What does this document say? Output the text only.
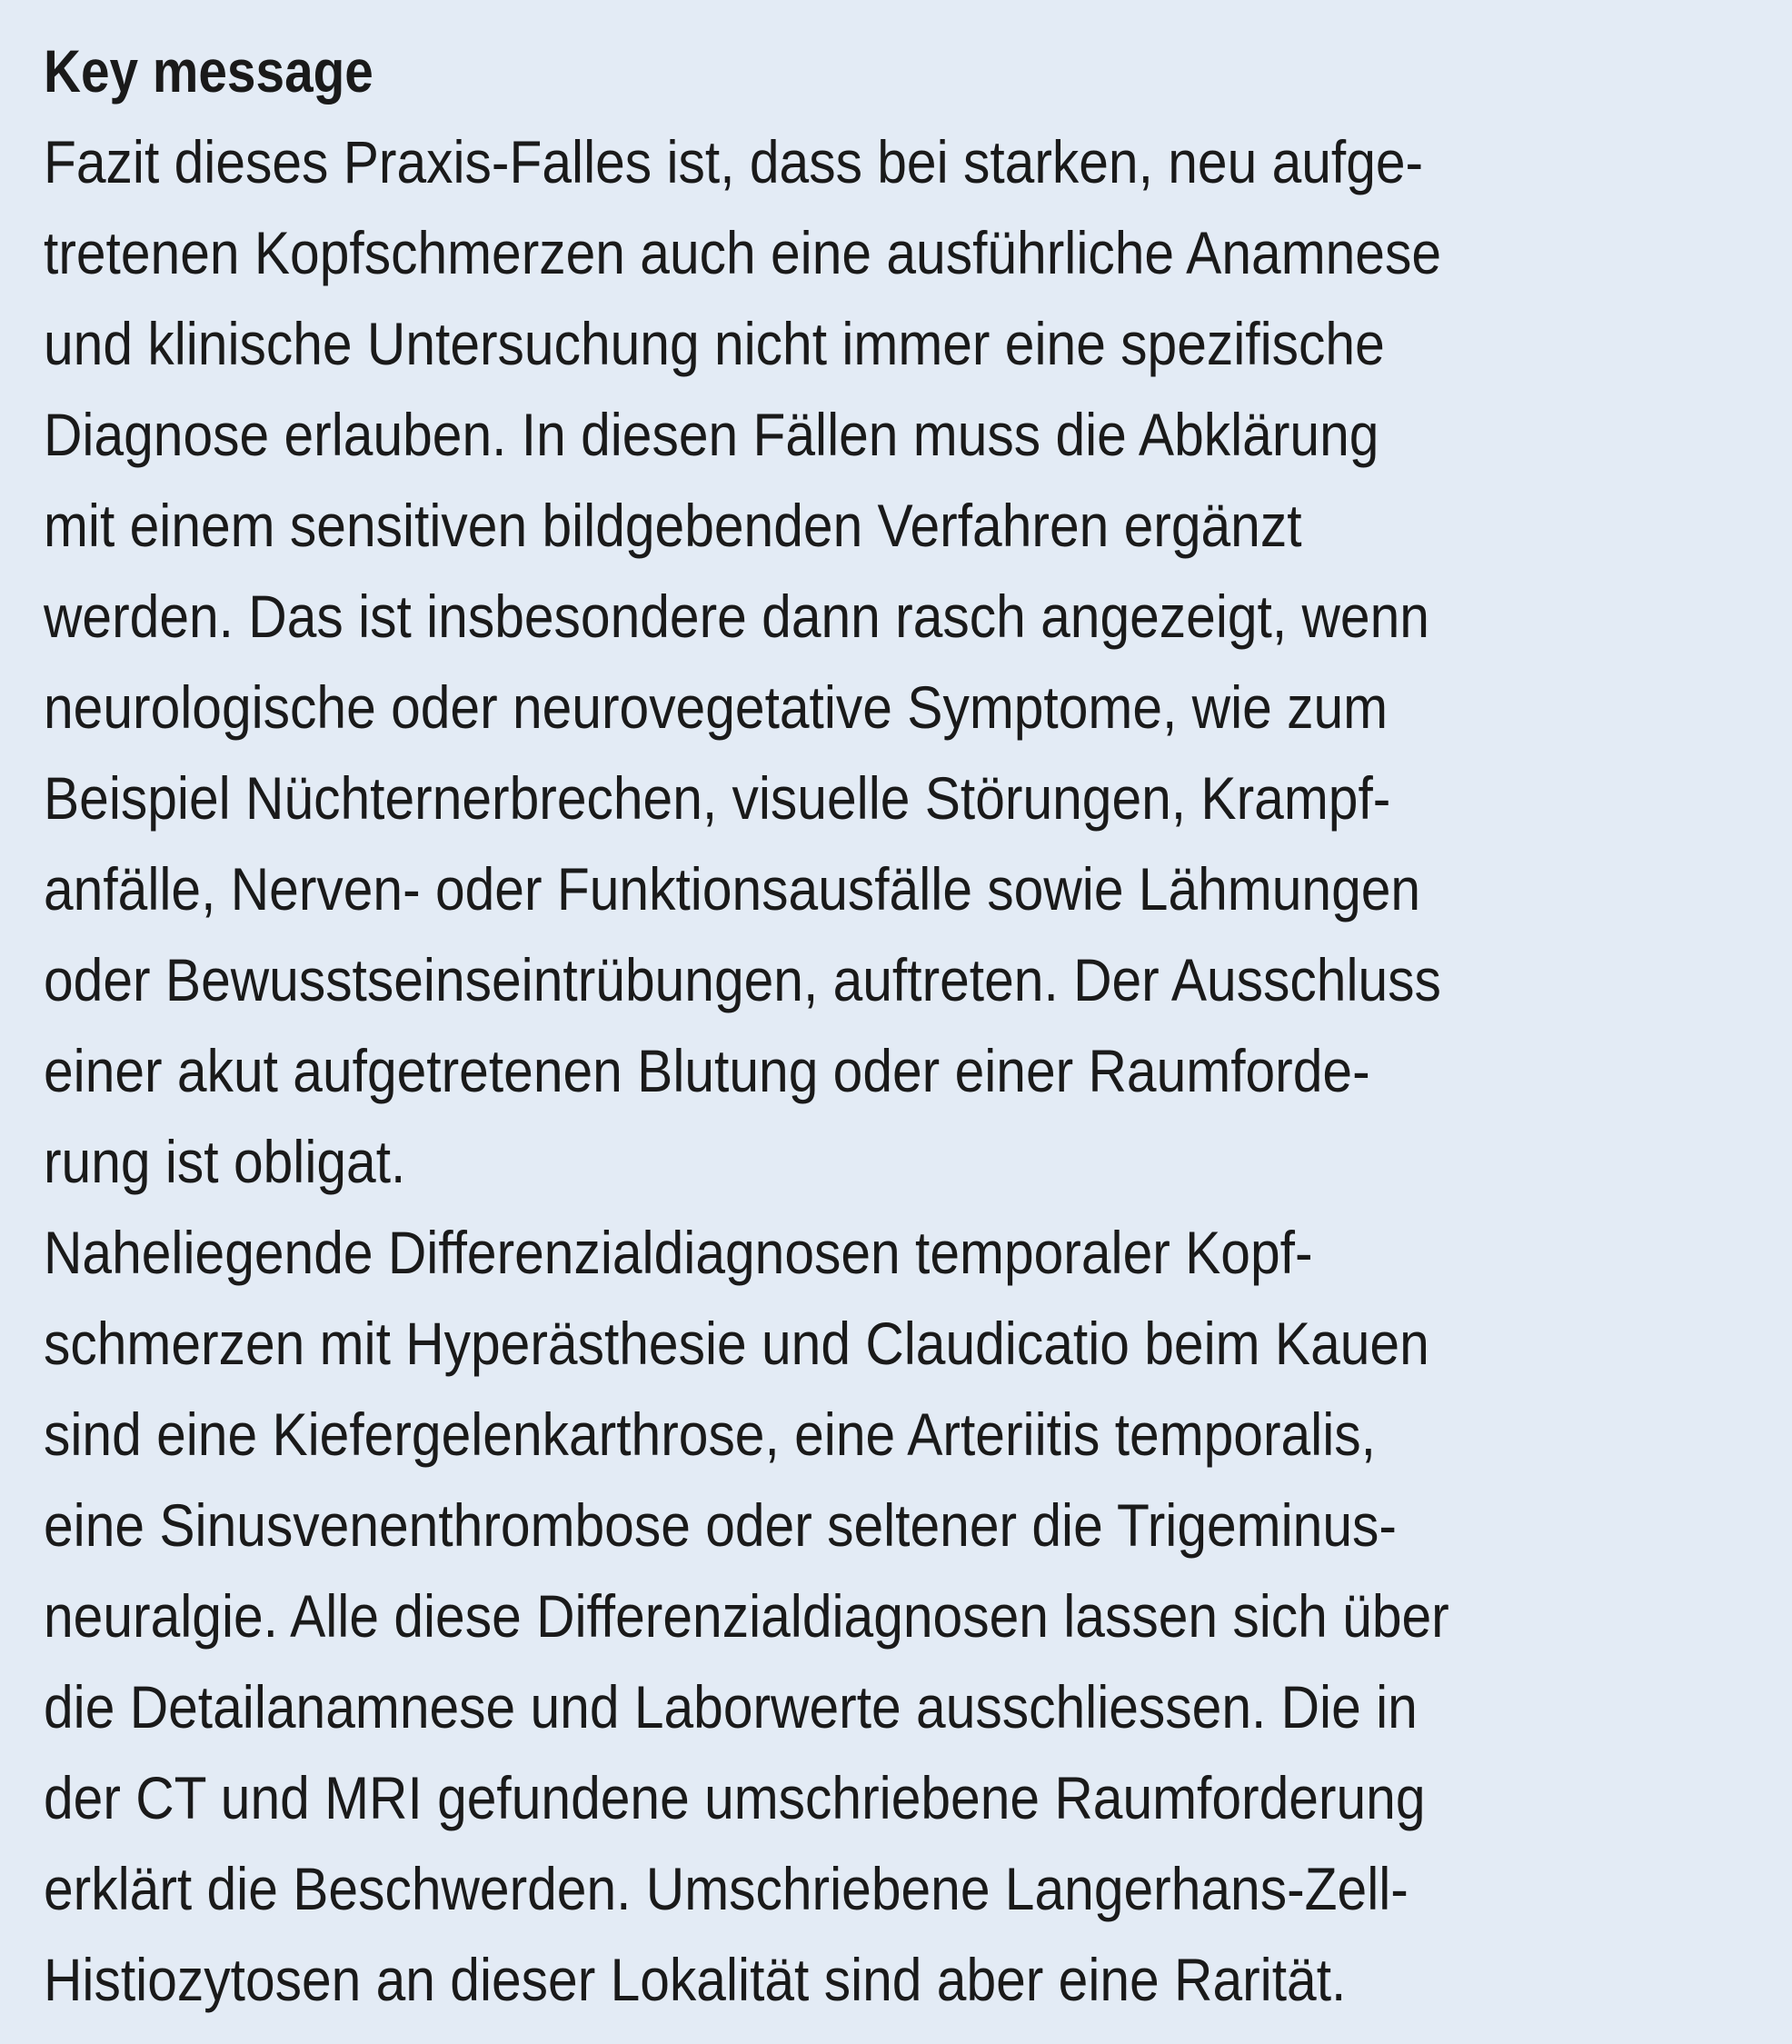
Key message
Fazit dieses Praxis-Falles ist, dass bei starken, neu aufge-
tretenen Kopfschmerzen auch eine ausführliche Anamnese
und klinische Untersuchung nicht immer eine spezifische
Diagnose erlauben. In diesen Fällen muss die Abklärung
mit einem sensitiven bildgebenden Verfahren ergänzt
werden. Das ist insbesondere dann rasch angezeigt, wenn
neurologische oder neurovegetative Symptome, wie zum
Beispiel Nüchternerbrechen, visuelle Störungen, Krampf-
anfälle, Nerven- oder Funktionsausfälle sowie Lähmungen
oder Bewusstseinseintrübungen, auftreten. Der Ausschluss
einer akut aufgetretenen Blutung oder einer Raumforde-
rung ist obligat.
Naheliegende Differenzialdiagnosen temporaler Kopf-
schmerzen mit Hyperästhesie und Claudicatio beim Kauen
sind eine Kiefergelenkarthrose, eine Arteriitis temporalis,
eine Sinusvenenthrombose oder seltener die Trigeminus-
neuralgie. Alle diese Differenzialdiagnosen lassen sich über
die Detailanamnese und Laborwerte ausschliessen. Die in
der CT und MRI gefundene umschriebene Raumforderung
erklärt die Beschwerden. Umschriebene Langerhans-Zell-
Histiozytosen an dieser Lokalität sind aber eine Rarität.
